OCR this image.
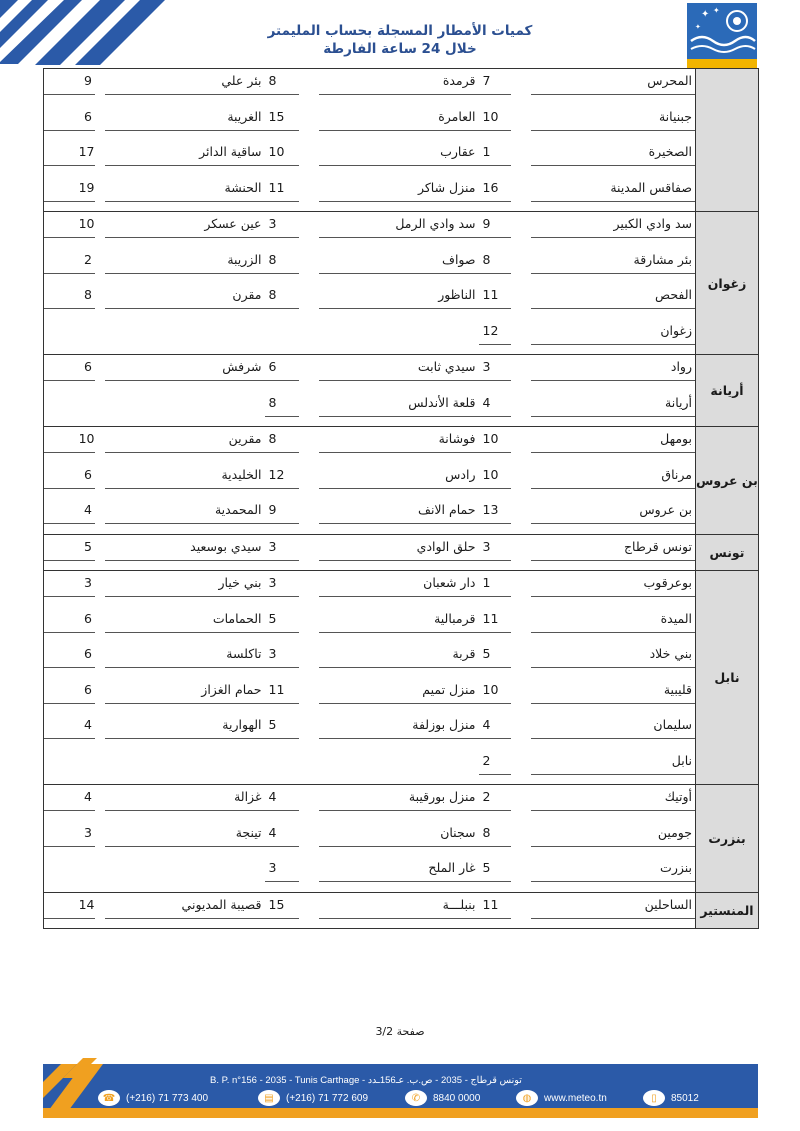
كميات الأمطار المسجلة بحساب المليمتر
خلال 24 ساعة الفارطة
✦ ✦
✦

	المحرس	7	قرمدة	8	بئر علي	9

	جبنيانة	10	العامرة	15	الغريبة	6

	الصخيرة	1	عقارب	10	ساقية الدائر	17

	صفاقس المدينة	16	منزل شاكر	11	الحنشة	19

زغوان	سد وادي الكبير	9	سد وادي الرمل	3	عين عسكر	10

	بئر مشارقة	8	صواف	8	الزريبة	2

	الفحص	11	الناظور	8	مقرن	8

	زغوان	12				

أريانة	رواد	3	سيدي ثابت	6	شرفش	6

	أريانة	4	قلعة الأندلس	8		

بن عروس	بومهل	10	فوشانة	8	مقرين	10

	مرناق	10	رادس	12	الخليدية	6

	بن عروس	13	حمام الانف	9	المحمدية	4

تونس	تونس قرطاج	3	حلق الوادي	3	سيدي بوسعيد	5

نابل	بوعرقوب	1	دار شعبان	3	بني خيار	3

	الميدة	11	قرمبالية	5	الحمامات	6

	بني خلاد	5	قربة	3	تاكلسة	6

	قليبية	10	منزل تميم	11	حمام الغزاز	6

	سليمان	4	منزل بوزلفة	5	الهوارية	4

	نابل	2				

بنزرت	أوتيك	2	منزل بورقيبة	4	غزالة	4

	جومين	8	سجنان	4	تينجة	3

	بنزرت	5	غار الملح	3		

المنستير	الساحلين	11	بنبلـــة	15	قصيبة المديوني	14
صفحة 3/2
B. P. n°156 - 2035 - Tunis Carthage - تونس قرطاج - 2035 - ص.ب. عـ156ـدد
☎	(+216) 71 773 400	▤	(+216) 71 772 609	✆	8840 0000	◍	www.meteo.tn	▯	85012
